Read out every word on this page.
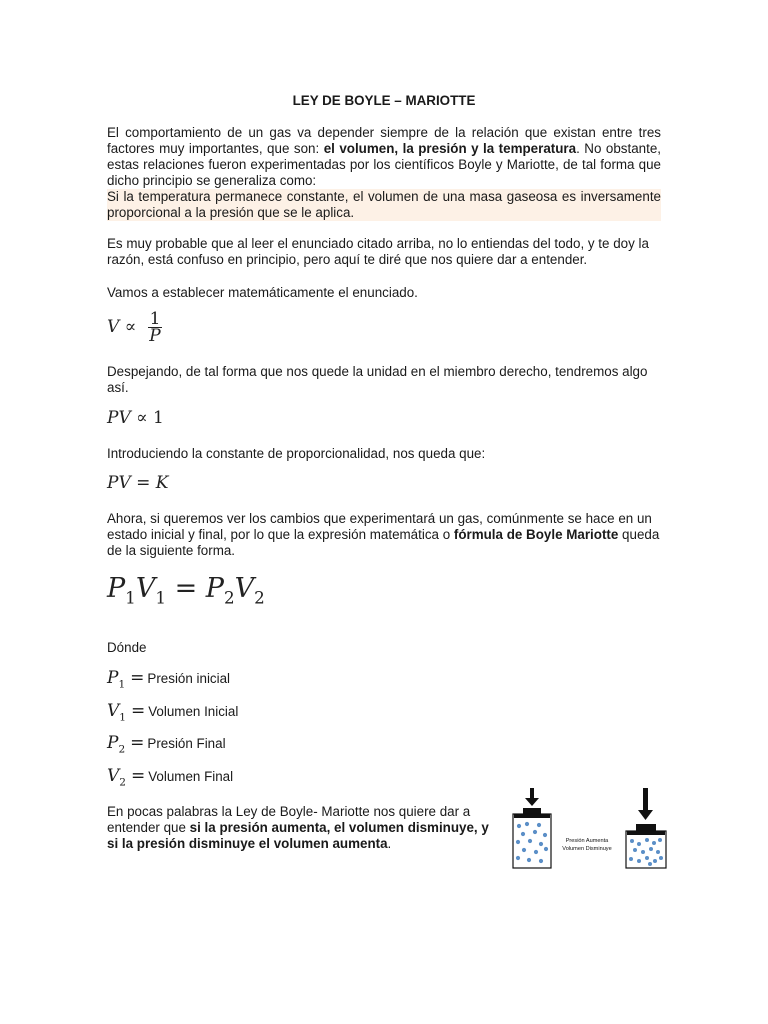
LEY DE BOYLE – MARIOTTE
El comportamiento de un gas va depender siempre de la relación que existan entre tres factores muy importantes, que son: el volumen, la presión y la temperatura. No obstante, estas relaciones fueron experimentadas por los científicos Boyle y Mariotte, de tal forma que dicho principio se generaliza como:
Si la temperatura permanece constante, el volumen de una masa gaseosa es inversamente proporcional a la presión que se le aplica.

Es muy probable que al leer el enunciado citado arriba, no lo entiendas del todo, y te doy la razón, está confuso en principio, pero aquí te diré que nos quiere dar a entender.

Vamos a establecer matemáticamente el enunciado.

$V \propto \frac{1}{P}$

Despejando, de tal forma que nos quede la unidad en el miembro derecho, tendremos algo así.

PV ∝ 1

Introduciendo la constante de proporcionalidad, nos queda que:

PV = K

Ahora, si queremos ver los cambios que experimentará un gas, comúnmente se hace en un estado inicial y final, por lo que la expresión matemática o fórmula de Boyle Mariotte queda de la siguiente forma.

$P_1V_1 = P_2V_2$

Dónde

$P_1$ = Presión inicial
$V_1$ = Volumen Inicial
$P_2$ = Presión Final
$V_2$ = Volumen Final

En pocas palabras la Ley de Boyle- Mariotte nos quiere dar a entender que si la presión aumenta, el volumen disminuye, y si la presión disminuye el volumen aumenta.	Presión Aumenta
Volumen Disminuye
